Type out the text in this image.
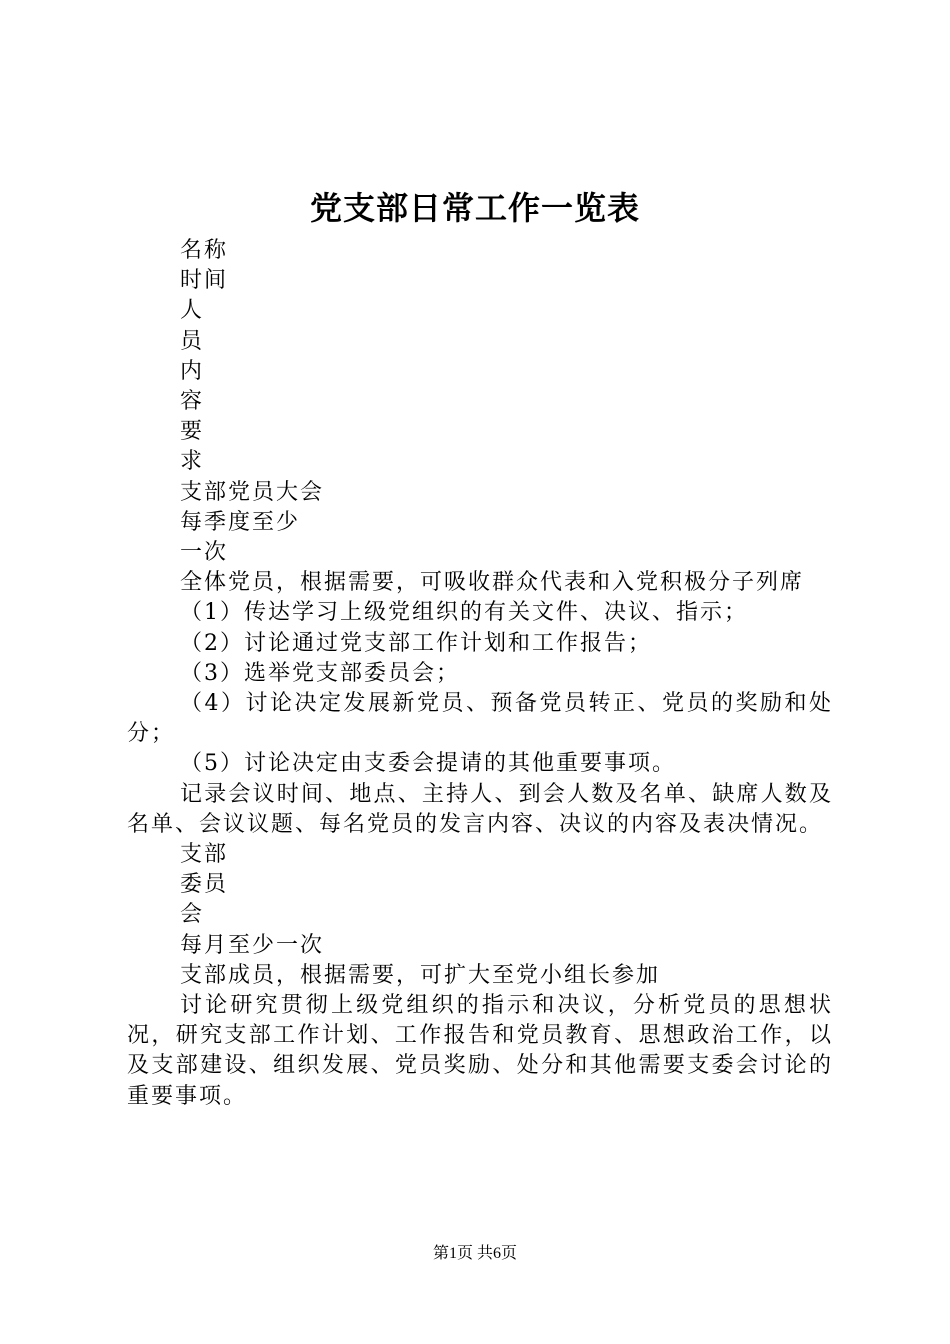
党支部日常工作一览表

名称

时间

人

员

内

容

要

求

支部党员大会

每季度至少

一次

全体党员，根据需要，可吸收群众代表和入党积极分子列席

（1）传达学习上级党组织的有关文件、决议、指示；

（2）讨论通过党支部工作计划和工作报告；

（3）选举党支部委员会；

（4）讨论决定发展新党员、预备党员转正、党员的奖励和处分；

（5）讨论决定由支委会提请的其他重要事项。

记录会议时间、地点、主持人、到会人数及名单、缺席人数及名单、会议议题、每名党员的发言内容、决议的内容及表决情况。

支部

委员

会

每月至少一次

支部成员，根据需要，可扩大至党小组长参加

讨论研究贯彻上级党组织的指示和决议，分析党员的思想状况，研究支部工作计划、工作报告和党员教育、思想政治工作，以及支部建设、组织发展、党员奖励、处分和其他需要支委会讨论的重要事项。

第1页 共6页
